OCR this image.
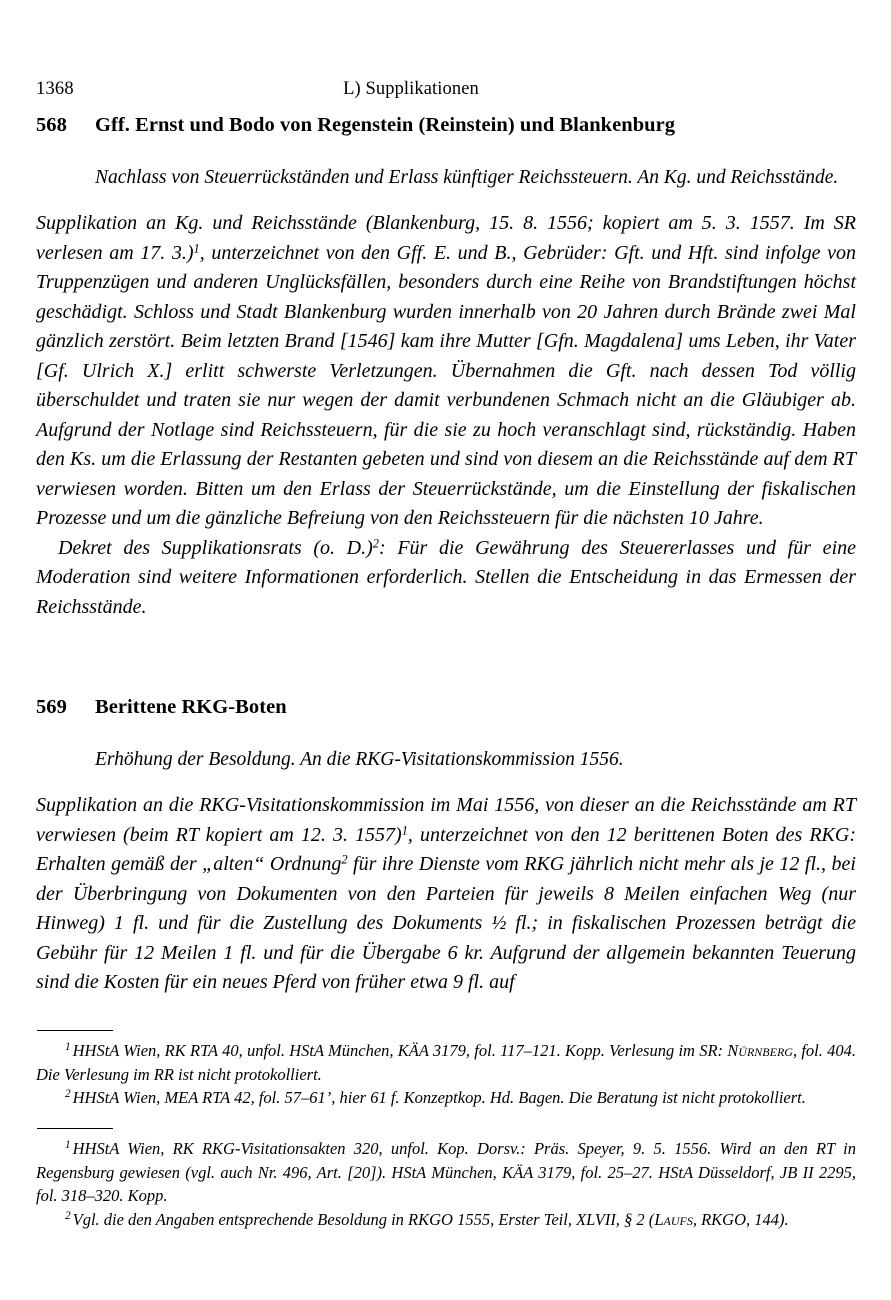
1368	L) Supplikationen
568 Gff. Ernst und Bodo von Regenstein (Reinstein) und Blankenburg

Nachlass von Steuerrückständen und Erlass künftiger Reichssteuern. An Kg. und Reichsstände.

Supplikation an Kg. und Reichsstände (Blankenburg, 15. 8. 1556; kopiert am 5. 3. 1557. Im SR verlesen am 17. 3.)$^1$, unterzeichnet von den Gff. E. und B., Gebrüder: Gft. und Hft. sind infolge von Truppenzügen und anderen Unglücksfällen, besonders durch eine Reihe von Brandstiftungen höchst geschädigt. Schloss und Stadt Blankenburg wurden innerhalb von 20 Jahren durch Brände zwei Mal gänzlich zerstört. Beim letzten Brand [1546] kam ihre Mutter [Gfn. Magdalena] ums Leben, ihr Vater [Gf. Ulrich X.] erlitt schwerste Verletzungen. Übernahmen die Gft. nach dessen Tod völlig überschuldet und traten sie nur wegen der damit verbundenen Schmach nicht an die Gläubiger ab. Aufgrund der Notlage sind Reichssteuern, für die sie zu hoch veranschlagt sind, rückständig. Haben den Ks. um die Erlassung der Restanten gebeten und sind von diesem an die Reichsstände auf dem RT verwiesen worden. Bitten um den Erlass der Steuerrückstände, um die Einstellung der fiskalischen Prozesse und um die gänzliche Befreiung von den Reichssteuern für die nächsten 10 Jahre.

Dekret des Supplikationsrats (o. D.)$^2$: Für die Gewährung des Steuererlasses und für eine Moderation sind weitere Informationen erforderlich. Stellen die Entscheidung in das Ermessen der Reichsstände.

569 Berittene RKG-Boten

Erhöhung der Besoldung. An die RKG-Visitationskommission 1556.

Supplikation an die RKG-Visitationskommission im Mai 1556, von dieser an die Reichsstände am RT verwiesen (beim RT kopiert am 12. 3. 1557)$^1$, unterzeichnet von den 12 berittenen Boten des RKG: Erhalten gemäß der „alten“ Ordnung$^2$ für ihre Dienste vom RKG jährlich nicht mehr als je 12 fl., bei der Überbringung von Dokumenten von den Parteien für jeweils 8 Meilen einfachen Weg (nur Hinweg) 1 fl. und für die Zustellung des Dokuments ½ fl.; in fiskalischen Prozessen beträgt die Gebühr für 12 Meilen 1 fl. und für die Übergabe 6 kr. Aufgrund der allgemein bekannten Teuerung sind die Kosten für ein neues Pferd von früher etwa 9 fl. auf

$^1$ HHStA Wien, RK RTA 40, unfol. HStA München, KÄA 3179, fol. 117–121. Kopp. Verlesung im SR: Nürnberg, fol. 404. Die Verlesung im RR ist nicht protokolliert.

$^2$ HHStA Wien, MEA RTA 42, fol. 57–61’, hier 61 f. Konzeptkop. Hd. Bagen. Die Beratung ist nicht protokolliert.

$^1$ HHStA Wien, RK RKG-Visitationsakten 320, unfol. Kop. Dorsv.: Präs. Speyer, 9. 5. 1556. Wird an den RT in Regensburg gewiesen (vgl. auch Nr. 496, Art. [20]). HStA München, KÄA 3179, fol. 25–27. HStA Düsseldorf, JB II 2295, fol. 318–320. Kopp.

$^2$ Vgl. die den Angaben entsprechende Besoldung in RKGO 1555, Erster Teil, XLVII, § 2 (Laufs, RKGO, 144).
